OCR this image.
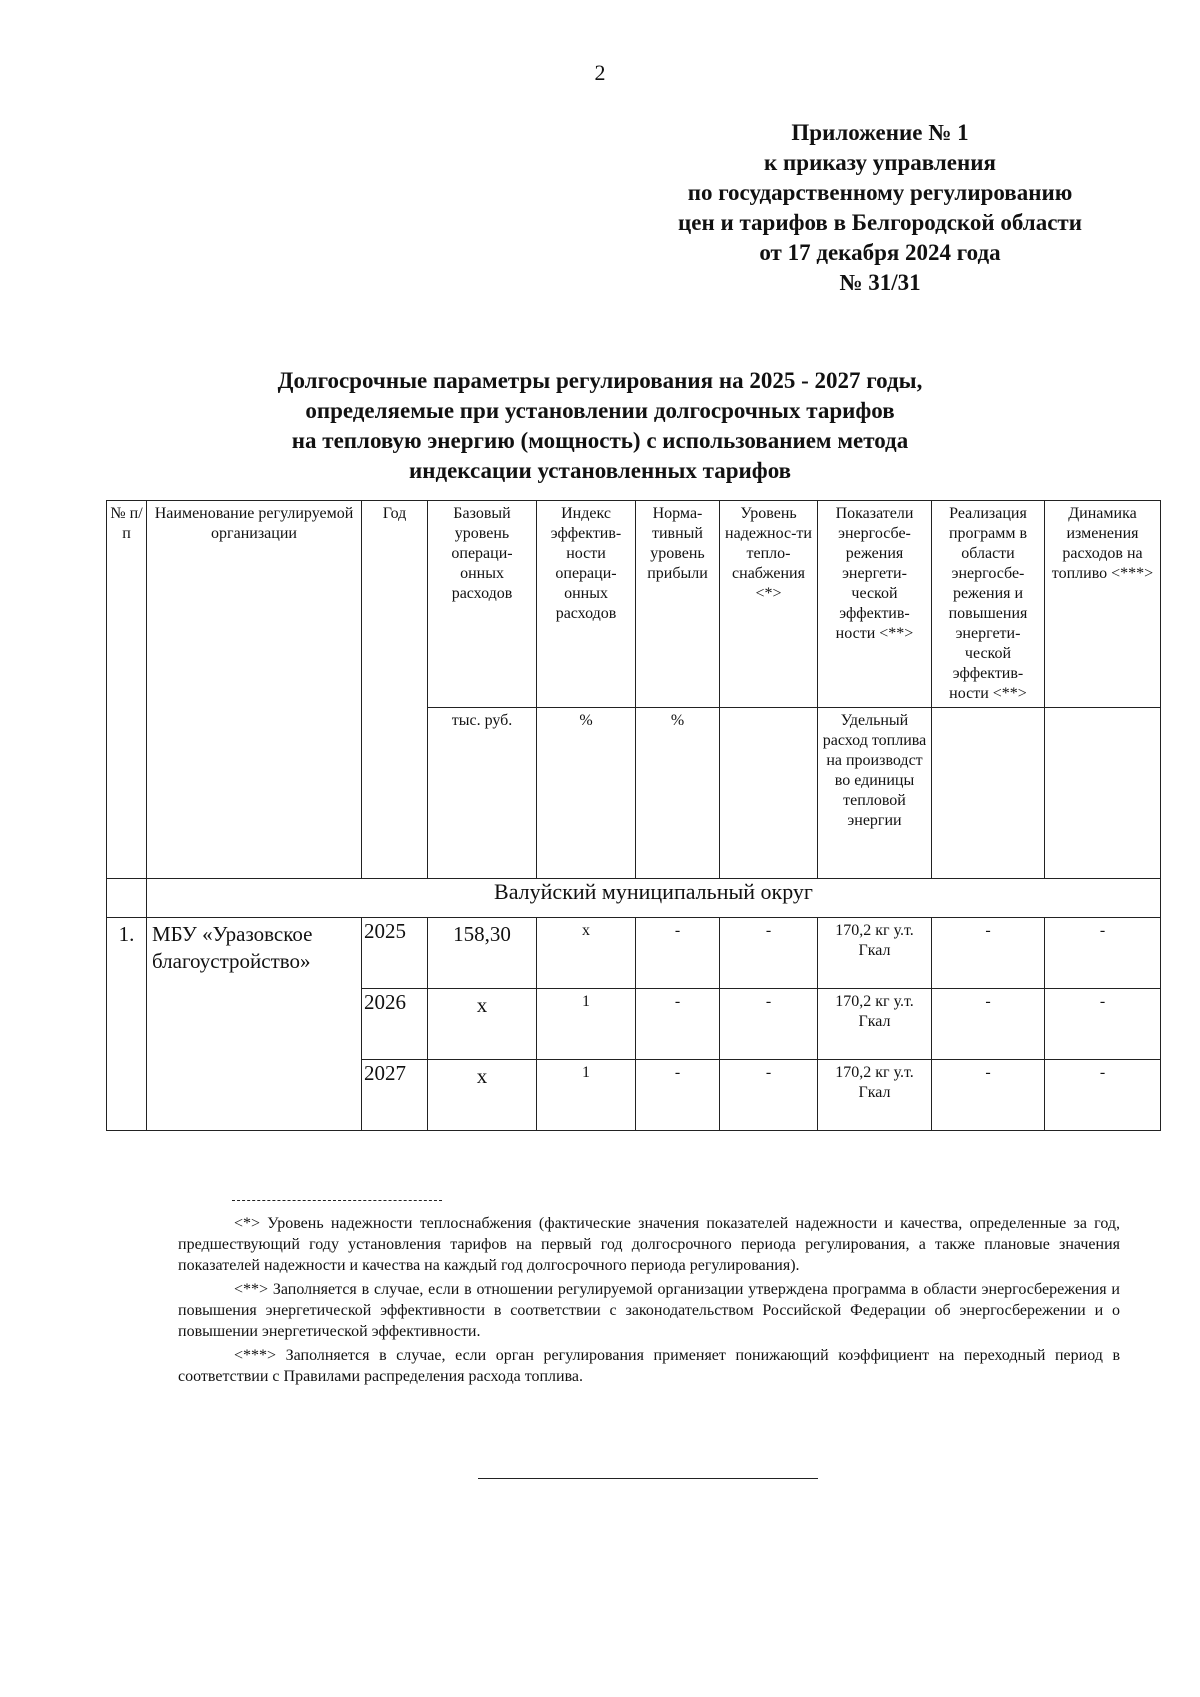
2
Приложение № 1
к приказу управления
по государственному регулированию
цен и тарифов в Белгородской области
от 17 декабря 2024 года
№ 31/31
Долгосрочные параметры регулирования на 2025 - 2027 годы,
определяемые при установлении долгосрочных тарифов
на тепловую энергию (мощность) с использованием метода
индексации установленных тарифов
№ п/п	Наименование регулируемой организации	Год	Базовый уровень операци-онных расходов	Индекс эффектив-ности операци-онных расходов	Норма-тивный уровень прибыли	Уровень надежнос-ти тепло-снабжения <*>	Показатели энергосбе-режения энергети-ческой эффектив-ности <**>	Реализация программ в области энергосбе-режения и повышения энергети-ческой эффектив-ности <**>	Динамика изменения расходов на топливо <***>
			тыс. руб.	%	%		Удельный расход топлива на производст во единицы тепловой энергии		
	Валуйский муниципальный округ								
1.	МБУ «Уразовское благоустройство»	2025	158,30	x	-	-	170,2 кг у.т. Гкал	-	-
		2026	x	1	-	-	170,2 кг у.т. Гкал	-	-
		2027	x	1	-	-	170,2 кг у.т. Гкал	-	-

<*> Уровень надежности теплоснабжения (фактические значения показателей надежности и качества, определенные за год, предшествующий году установления тарифов на первый год долгосрочного периода регулирования, а также плановые значения показателей надежности и качества на каждый год долгосрочного периода регулирования).

<**> Заполняется в случае, если в отношении регулируемой организации утверждена программа в области энергосбережения и повышения энергетической эффективности в соответствии с законодательством Российской Федерации об энергосбережении и о повышении энергетической эффективности.

<***> Заполняется в случае, если орган регулирования применяет понижающий коэффициент на переходный период в соответствии с Правилами распределения расхода топлива.
